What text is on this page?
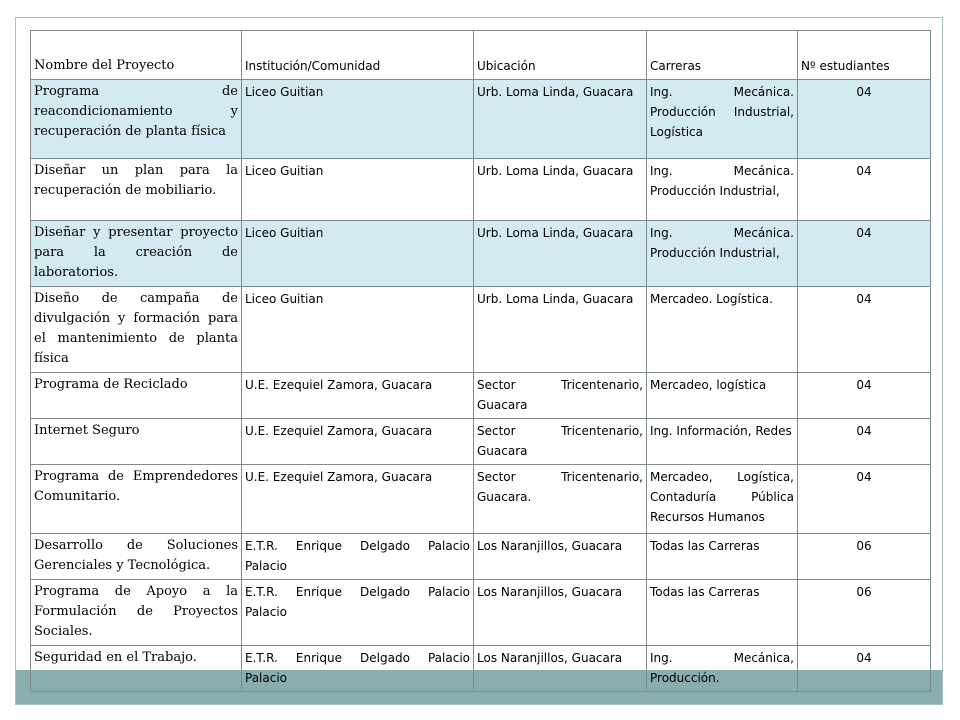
Nombre del Proyecto	Institución/Comunidad	Ubicación	Carreras	Nº estudiantes
Programa de reacondicionamiento y recuperación de planta física	Liceo Guitian	Urb. Loma Linda, Guacara	Ing. Mecánica. Producción Industrial, Logística	04
Diseñar un plan para la recuperación de mobiliario.	Liceo Guitian	Urb. Loma Linda, Guacara	Ing. Mecánica. Producción Industrial,	04
Diseñar y presentar proyecto para la creación de laboratorios.	Liceo Guitian	Urb. Loma Linda, Guacara	Ing. Mecánica. Producción Industrial,	04
Diseño de campaña de divulgación y formación para el mantenimiento de planta física	Liceo Guitian	Urb. Loma Linda, Guacara	Mercadeo. Logística.	04
Programa de Reciclado	U.E. Ezequiel Zamora, Guacara	Sector Tricentenario, Guacara	Mercadeo, logística	04
Internet Seguro	U.E. Ezequiel Zamora, Guacara	Sector Tricentenario, Guacara	Ing. Información, Redes	04
Programa de Emprendedores Comunitario.	U.E. Ezequiel Zamora, Guacara	Sector Tricentenario, Guacara.	Mercadeo, Logística, Contaduría Pública Recursos Humanos	04
Desarrollo de Soluciones Gerenciales y Tecnológica.	E.T.R. Enrique Delgado Palacio Palacio	Los Naranjillos, Guacara	Todas las Carreras	06
Programa de Apoyo a la Formulación de Proyectos Sociales.	E.T.R. Enrique Delgado Palacio Palacio	Los Naranjillos, Guacara	Todas las Carreras	06
Seguridad en el Trabajo.	E.T.R. Enrique Delgado Palacio Palacio	Los Naranjillos, Guacara	Ing. Mecánica, Producción.	04
